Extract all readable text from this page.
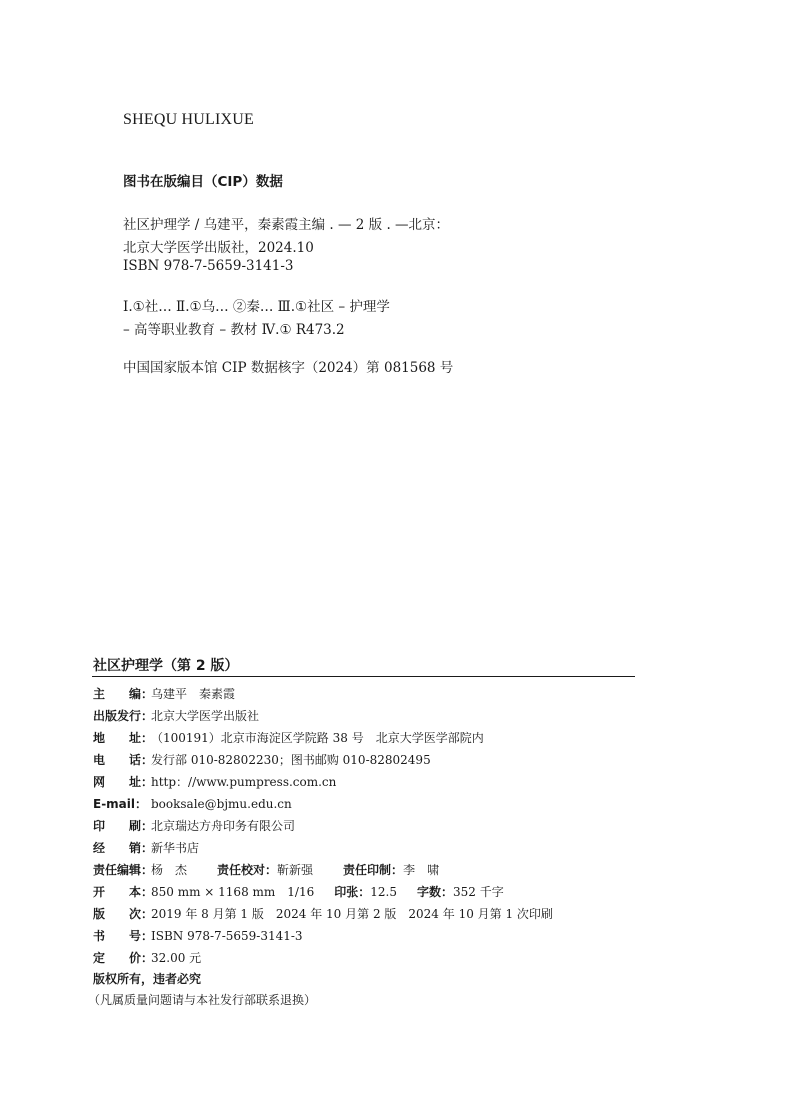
SHEQU HULIXUE
图书在版编目（CIP）数据
社区护理学 / 乌建平，秦素霞主编 . — 2 版 . —北京：
北京大学医学出版社，2024.10
ISBN 978-7-5659-3141-3
Ⅰ.①社… Ⅱ.①乌… ②秦… Ⅲ.①社区 – 护理学
– 高等职业教育 – 教材 Ⅳ.① R473.2
中国国家版本馆 CIP 数据核字（2024）第 081568 号
社区护理学（第 2 版）
主　　编：乌建平　秦素霞
出版发行：北京大学医学出版社
地　　址：（100191）北京市海淀区学院路 38 号　北京大学医学部院内
电　　话：发行部 010-82802230；图书邮购 010-82802495
网　　址：http：//www.pumpress.com.cn
E-mail： booksale@bjmu.edu.cn
印　　刷：北京瑞达方舟印务有限公司
经　　销：新华书店
责任编辑：杨　杰	责任校对：靳新强	责任印制：李　啸
开　　本：850 mm × 1168 mm　1/16 印张：12.5 字数：352 千字
版　　次：2019 年 8 月第 1 版　2024 年 10 月第 2 版　2024 年 10 月第 1 次印刷
书　　号：ISBN 978-7-5659-3141-3
定　　价：32.00 元
版权所有，违者必究
（凡属质量问题请与本社发行部联系退换）
